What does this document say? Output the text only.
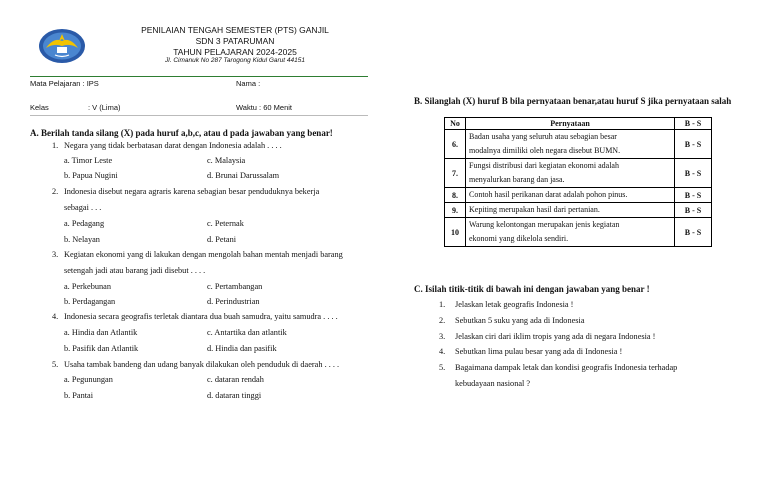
PENILAIAN TENGAH SEMESTER (PTS) GANJIL
SDN 3 PATARUMAN
TAHUN PELAJARAN 2024-2025
Jl. Cimanuk No 287 Tarogong Kidul Garut 44151
Mata Pelajaran : IPS	Nama :
Kelas	: V (Lima)	Waktu : 60 Menit
A. Berilah tanda silang (X) pada huruf a,b,c, atau d pada jawaban yang benar!
1. Negara yang tidak berbatasan darat dengan Indonesia adalah . . . .
a. Timor Leste	c. Malaysia
b. Papua Nugini	d. Brunai Darussalam
2. Indonesia disebut negara agraris karena sebagian besar penduduknya bekerja
sebagai . . .
a. Pedagang	c. Peternak
b. Nelayan	d. Petani
3. Kegiatan ekonomi yang di lakukan dengan mengolah bahan mentah menjadi barang
setengah jadi atau barang jadi disebut . . . .
a. Perkebunan	c. Pertambangan
b. Perdagangan	d. Perindustrian
4. Indonesia secara geografis terletak diantara dua buah samudra, yaitu samudra . . . .
a. Hindia dan Atlantik	c. Antartika dan atlantik
b. Pasifik dan Atlantik	d. Hindia dan pasifik
5. Usaha tambak bandeng dan udang banyak dilakukan oleh penduduk di daerah . . . .
a. Pegunungan	c. dataran rendah
b. Pantai	d. dataran tinggi
B. Silanglah (X) huruf B bila pernyataan benar,atau huruf S jika pernyataan salah
No	Pernyataan	B - S
6.	Badan usaha yang seluruh atau sebagian besar
modalnya dimiliki oleh negara disebut BUMN.	B - S
7.	Fungsi distribusi dari kegiatan ekonomi adalah
menyalurkan barang dan jasa.	B - S
8.	Contoh hasil perikanan darat adalah pohon pinus.	B - S
9.	Kepiting merupakan hasil dari pertanian.	B - S
10	Warung kelontongan merupakan jenis kegiatan
ekonomi yang dikelola sendiri.	B - S
C. Isilah titik-titik di bawah ini dengan jawaban yang benar !
1. Jelaskan letak geografis Indonesia !
2. Sebutkan 5 suku yang ada di Indonesia
3. Jelaskan ciri dari iklim tropis yang ada di negara Indonesia !
4. Sebutkan lima pulau besar yang ada di Indonesia !
5. Bagaimana dampak letak dan kondisi geografis Indonesia terhadap
kebudayaan nasional ?
